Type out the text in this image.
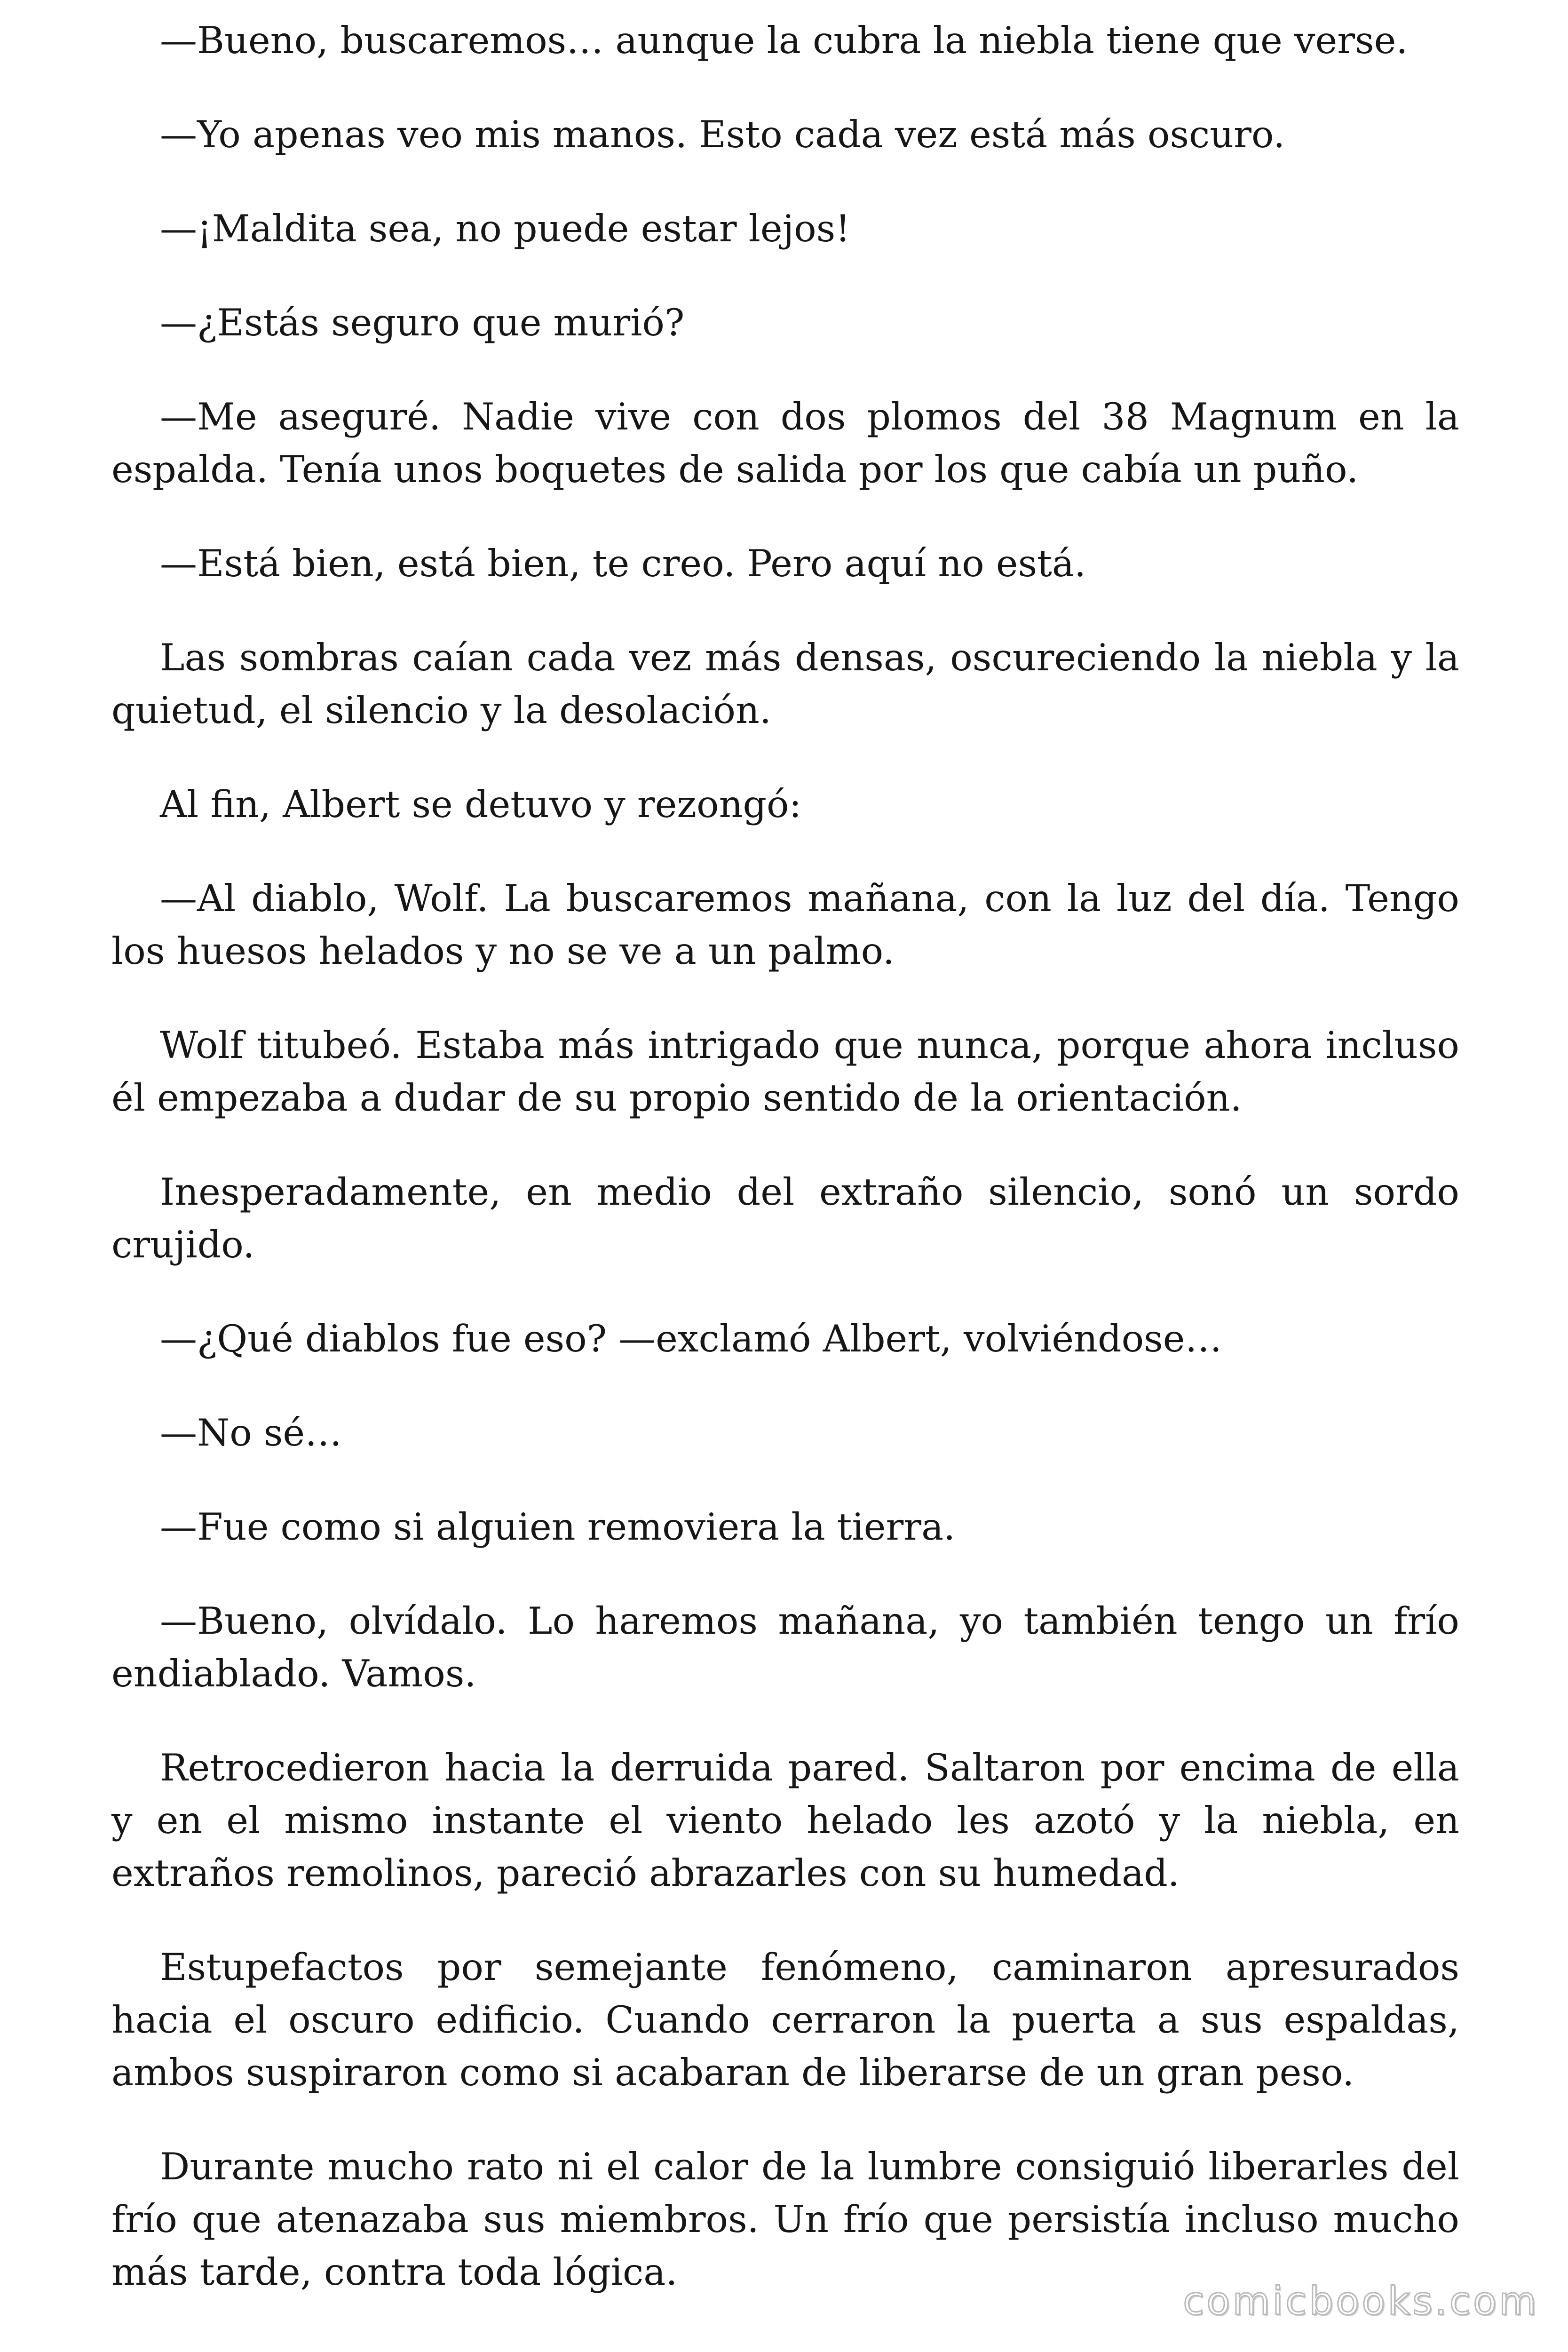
—Bueno, buscaremos… aunque la cubra la niebla tiene que verse.

—Yo apenas veo mis manos. Esto cada vez está más oscuro.

—¡Maldita sea, no puede estar lejos!

—¿Estás seguro que murió?

—Me aseguré. Nadie vive con dos plomos del 38 Magnum en la espalda. Tenía unos boquetes de salida por los que cabía un puño.

—Está bien, está bien, te creo. Pero aquí no está.

Las sombras caían cada vez más densas, oscureciendo la niebla y la quietud, el silencio y la desolación.

Al fin, Albert se detuvo y rezongó:

—Al diablo, Wolf. La buscaremos mañana, con la luz del día. Tengo los huesos helados y no se ve a un palmo.

Wolf titubeó. Estaba más intrigado que nunca, porque ahora incluso él empezaba a dudar de su propio sentido de la orientación.

Inesperadamente, en medio del extraño silencio, sonó un sordo crujido.

—¿Qué diablos fue eso? —exclamó Albert, volviéndose…

—No sé…

—Fue como si alguien removiera la tierra.

—Bueno, olvídalo. Lo haremos mañana, yo también tengo un frío endiablado. Vamos.

Retrocedieron hacia la derruida pared. Saltaron por encima de ella y en el mismo instante el viento helado les azotó y la niebla, en extraños remolinos, pareció abrazarles con su humedad.

Estupefactos por semejante fenómeno, caminaron apresurados hacia el oscuro edificio. Cuando cerraron la puerta a sus espaldas, ambos suspiraron como si acabaran de liberarse de un gran peso.

Durante mucho rato ni el calor de la lumbre consiguió liberarles del frío que atenazaba sus miembros. Un frío que persistía incluso mucho más tarde, contra toda lógica.

comicbooks.com
